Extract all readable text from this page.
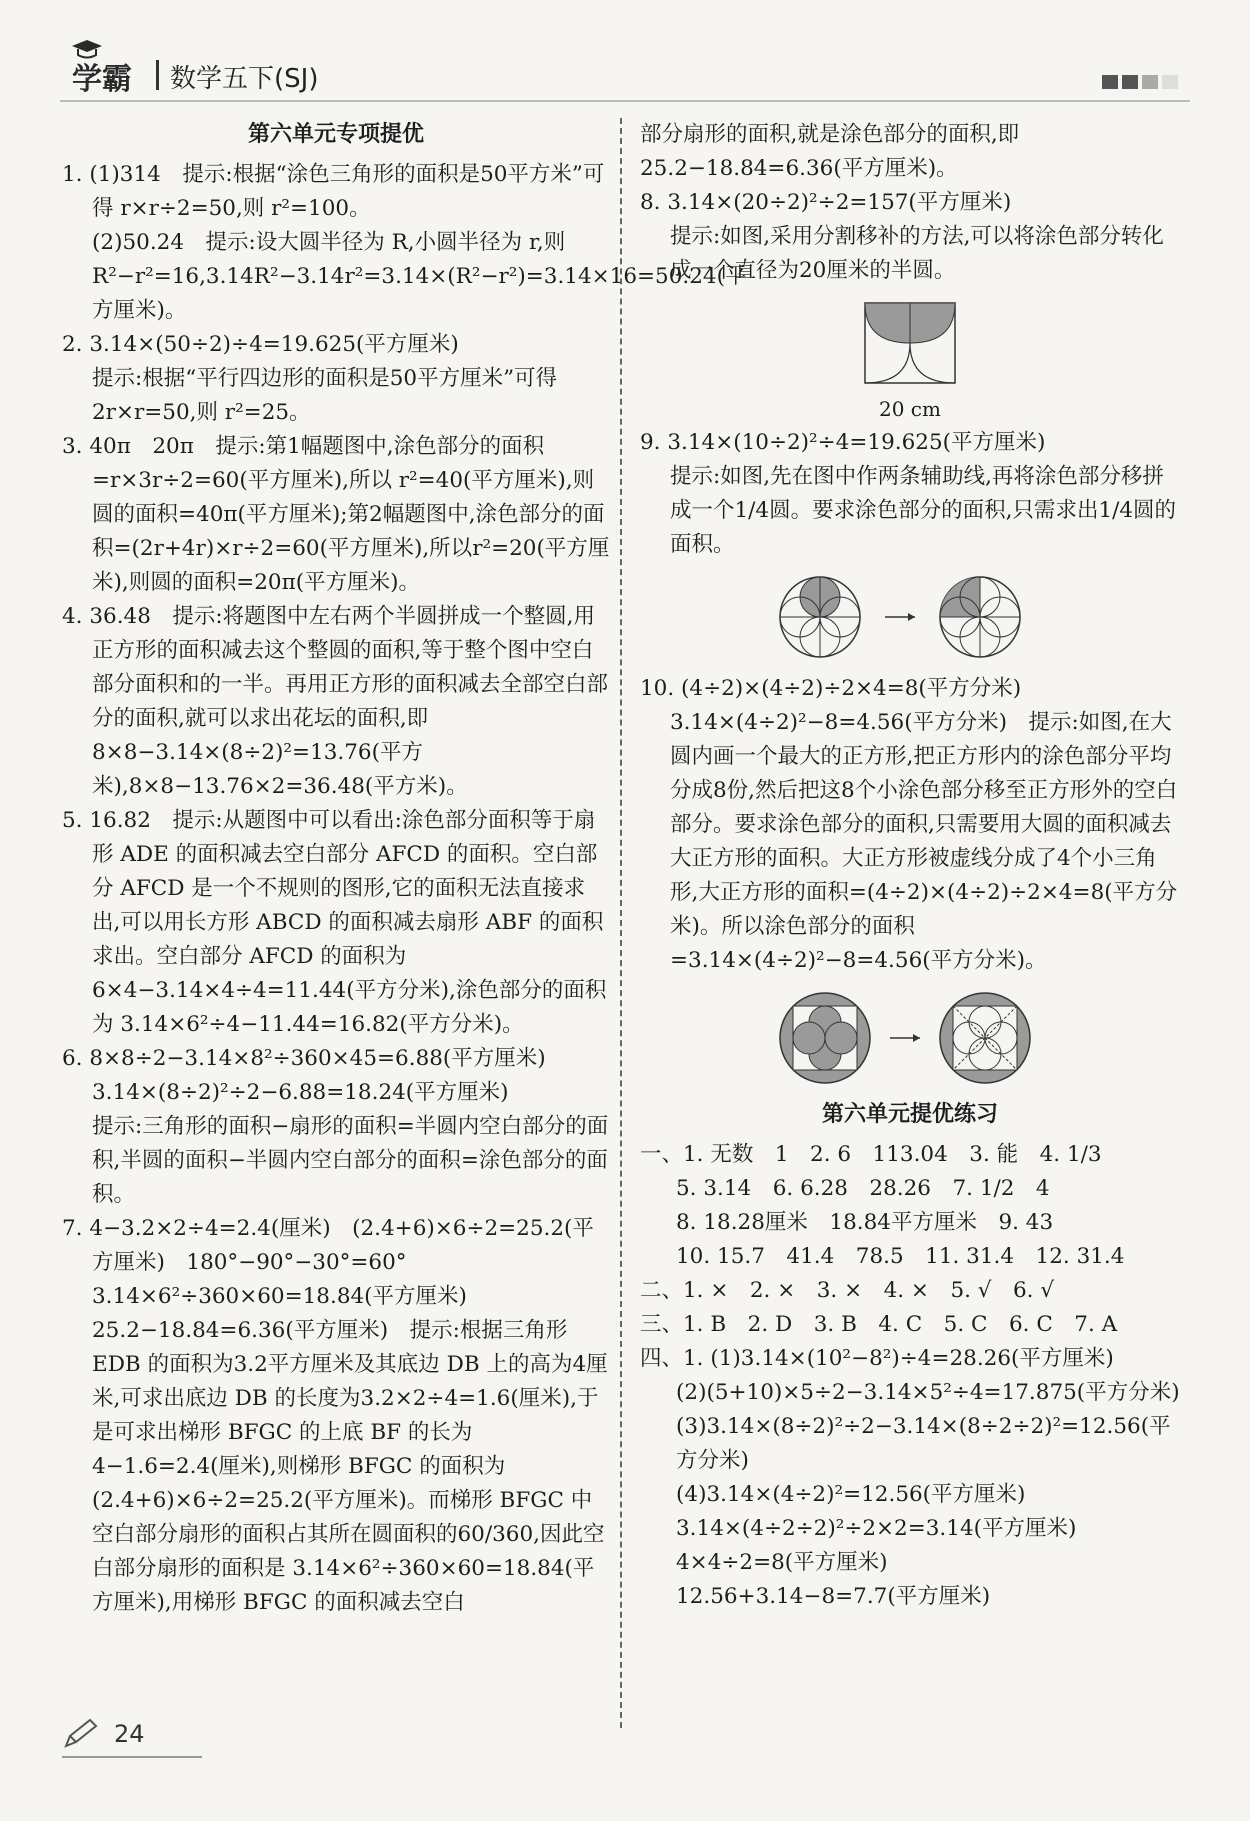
学霸 数学五下(SJ)
第六单元专项提优

1. (1)314　提示:根据“涂色三角形的面积是50平方米”可得 r×r÷2=50,则 r²=100。

(2)50.24　提示:设大圆半径为 R,小圆半径为 r,则 R²−r²=16,3.14R²−3.14r²=3.14×(R²−r²)=3.14×16=50.24(平方厘米)。

2. 3.14×(50÷2)÷4=19.625(平方厘米)

提示:根据“平行四边形的面积是50平方厘米”可得 2r×r=50,则 r²=25。

3. 40π　20π　提示:第1幅题图中,涂色部分的面积=r×3r÷2=60(平方厘米),所以 r²=40(平方厘米),则圆的面积=40π(平方厘米);第2幅题图中,涂色部分的面积=(2r+4r)×r÷2=60(平方厘米),所以r²=20(平方厘米),则圆的面积=20π(平方厘米)。

4. 36.48　提示:将题图中左右两个半圆拼成一个整圆,用正方形的面积减去这个整圆的面积,等于整个图中空白部分面积和的一半。再用正方形的面积减去全部空白部分的面积,就可以求出花坛的面积,即 8×8−3.14×(8÷2)²=13.76(平方米),8×8−13.76×2=36.48(平方米)。

5. 16.82　提示:从题图中可以看出:涂色部分面积等于扇形 ADE 的面积减去空白部分 AFCD 的面积。空白部分 AFCD 是一个不规则的图形,它的面积无法直接求出,可以用长方形 ABCD 的面积减去扇形 ABF 的面积求出。空白部分 AFCD 的面积为 6×4−3.14×4÷4=11.44(平方分米),涂色部分的面积为 3.14×6²÷4−11.44=16.82(平方分米)。

6. 8×8÷2−3.14×8²÷360×45=6.88(平方厘米)

3.14×(8÷2)²÷2−6.88=18.24(平方厘米)

提示:三角形的面积−扇形的面积=半圆内空白部分的面积,半圆的面积−半圆内空白部分的面积=涂色部分的面积。

7. 4−3.2×2÷4=2.4(厘米)　(2.4+6)×6÷2=25.2(平方厘米)　180°−90°−30°=60°　3.14×6²÷360×60=18.84(平方厘米)　25.2−18.84=6.36(平方厘米)　提示:根据三角形 EDB 的面积为3.2平方厘米及其底边 DB 上的高为4厘米,可求出底边 DB 的长度为3.2×2÷4=1.6(厘米),于是可求出梯形 BFGC 的上底 BF 的长为 4−1.6=2.4(厘米),则梯形 BFGC 的面积为(2.4+6)×6÷2=25.2(平方厘米)。而梯形 BFGC 中空白部分扇形的面积占其所在圆面积的60/360,因此空白部分扇形的面积是 3.14×6²÷360×60=18.84(平方厘米),用梯形 BFGC 的面积减去空白

部分扇形的面积,就是涂色部分的面积,即 25.2−18.84=6.36(平方厘米)。

8. 3.14×(20÷2)²÷2=157(平方厘米)

提示:如图,采用分割移补的方法,可以将涂色部分转化成一个直径为20厘米的半圆。

20 cm

9. 3.14×(10÷2)²÷4=19.625(平方厘米)

提示:如图,先在图中作两条辅助线,再将涂色部分移拼成一个1/4圆。要求涂色部分的面积,只需求出1/4圆的面积。

10. (4÷2)×(4÷2)÷2×4=8(平方分米)　3.14×(4÷2)²−8=4.56(平方分米)　提示:如图,在大圆内画一个最大的正方形,把正方形内的涂色部分平均分成8份,然后把这8个小涂色部分移至正方形外的空白部分。要求涂色部分的面积,只需要用大圆的面积减去大正方形的面积。大正方形被虚线分成了4个小三角形,大正方形的面积=(4÷2)×(4÷2)÷2×4=8(平方分米)。所以涂色部分的面积=3.14×(4÷2)²−8=4.56(平方分米)。

第六单元提优练习

一、1. 无数　1　2. 6　113.04　3. 能　4. 1/3

5. 3.14　6. 6.28　28.26　7. 1/2　4

8. 18.28厘米　18.84平方厘米　9. 43

10. 15.7　41.4　78.5　11. 31.4　12. 31.4

二、1. ×　2. ×　3. ×　4. ×　5. √　6. √

三、1. B　2. D　3. B　4. C　5. C　6. C　7. A

四、1. (1)3.14×(10²−8²)÷4=28.26(平方厘米)

(2)(5+10)×5÷2−3.14×5²÷4=17.875(平方分米)

(3)3.14×(8÷2)²÷2−3.14×(8÷2÷2)²=12.56(平方分米)

(4)3.14×(4÷2)²=12.56(平方厘米)

3.14×(4÷2÷2)²÷2×2=3.14(平方厘米)

4×4÷2=8(平方厘米)

12.56+3.14−8=7.7(平方厘米)

24
